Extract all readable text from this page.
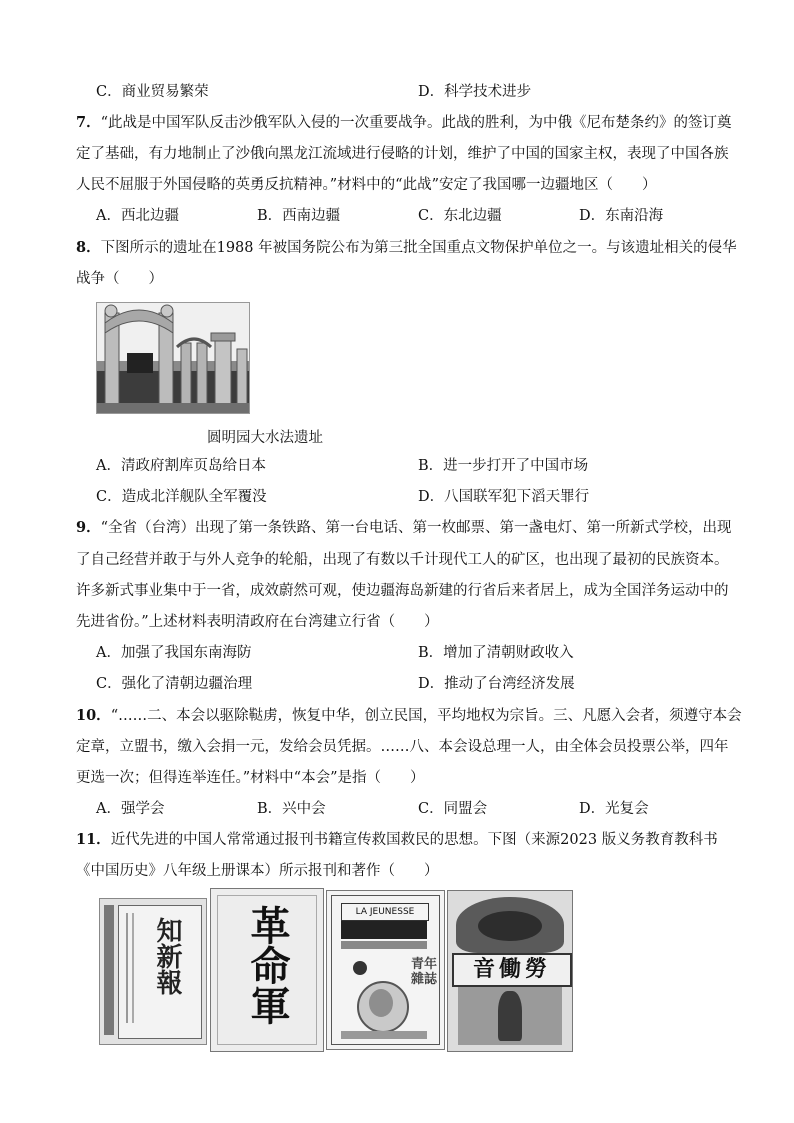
C．商业贸易繁荣	D．科学技术进步
7．“此战是中国军队反击沙俄军队入侵的一次重要战争。此战的胜利，为中俄《尼布楚条约》的签订奠
定了基础，有力地制止了沙俄向黑龙江流域进行侵略的计划，维护了中国的国家主权，表现了中国各族
人民不屈服于外国侵略的英勇反抗精神。”材料中的“此战”安定了我国哪一边疆地区（　　）
A．西北边疆	B．西南边疆	C．东北边疆	D．东南沿海
8．下图所示的遗址在1988 年被国务院公布为第三批全国重点文物保护单位之一。与该遗址相关的侵华
战争（　　）
圆明园大水法遗址
A．清政府割库页岛给日本	B．进一步打开了中国市场
C．造成北洋舰队全军覆没	D．八国联军犯下滔天罪行
9．“全省（台湾）出现了第一条铁路、第一台电话、第一枚邮票、第一盏电灯、第一所新式学校，出现
了自己经营并敢于与外人竞争的轮船，出现了有数以千计现代工人的矿区，也出现了最初的民族资本。
许多新式事业集中于一省，成效蔚然可观，使边疆海岛新建的行省后来者居上，成为全国洋务运动中的
先进省份。”上述材料表明清政府在台湾建立行省（　　）
A．加强了我国东南海防	B．增加了清朝财政收入
C．强化了清朝边疆治理	D．推动了台湾经济发展
10．“……二、本会以驱除鞑虏，恢复中华，创立民国，平均地权为宗旨。三、凡愿入会者，须遵守本会
定章，立盟书，缴入会捐一元，发给会员凭据。……八、本会设总理一人，由全体会员投票公举，四年
更选一次；但得连举连任。”材料中“本会”是指（　　）
A．强学会	B．兴中会	C．同盟会	D．光复会
11．近代先进的中国人常常通过报刊书籍宣传救国救民的思想。下图（来源2023 版义务教育教科书
《中国历史》八年级上册课本）所示报刊和著作（　　）
知新報 革命軍	LA JEUNESSE
青年雜誌	音働勞
